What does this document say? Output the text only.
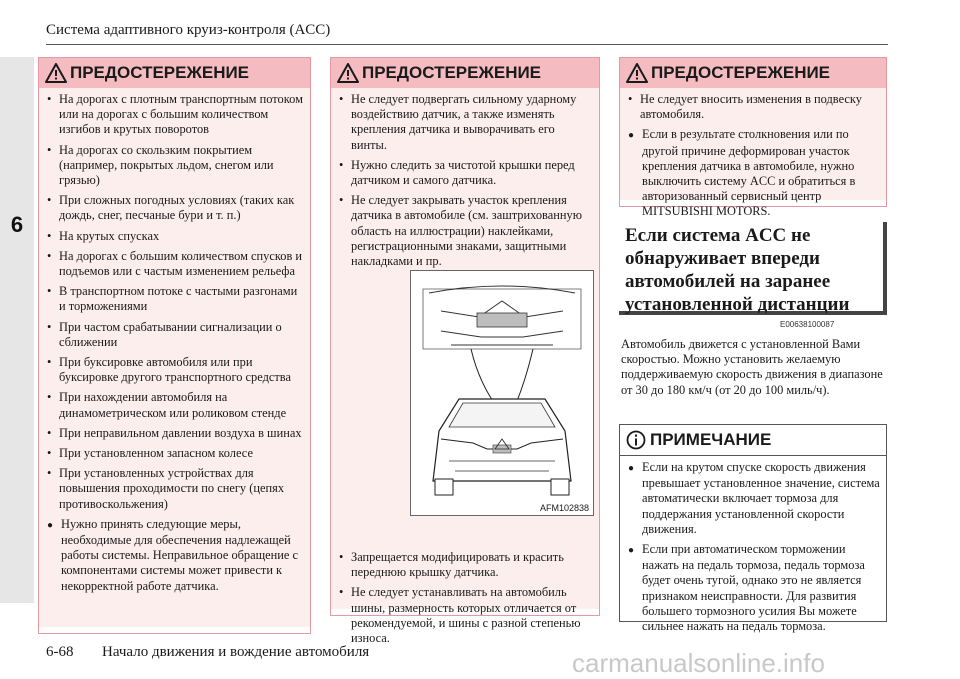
Система адаптивного круиз-контроля (ACC)
6
ПРЕДОСТЕРЕЖЕНИЕ
• На дорогах с плотным транспортным потоком или на дорогах с большим количеством изгибов и крутых поворотов
• На дорогах со скользким покрытием (например, покрытых льдом, снегом или грязью)
• При сложных погодных условиях (таких как дождь, снег, песчаные бури и т. п.)
• На крутых спусках
• На дорогах с большим количеством спусков и подъемов или с частым изменением рельефа
• В транспортном потоке с частыми разгонами и торможениями
• При частом срабатывании сигнализации о сближении
• При буксировке автомобиля или при буксировке другого транспортного средства
• При нахождении автомобиля на динамометрическом или роликовом стенде
• При неправильном давлении воздуха в шинах
• При установленном запасном колесе
• При установленных устройствах для повышения проходимости по снегу (цепях противоскольжения)
● Нужно принять следующие меры, необходимые для обеспечения надлежащей работы системы. Неправильное обращение с компонентами системы может привести к некорректной работе датчика.
ПРЕДОСТЕРЕЖЕНИЕ
• Не следует подвергать сильному ударному воздействию датчик, а также изменять крепления датчика и выворачивать его винты.
• Нужно следить за чистотой крышки перед датчиком и самого датчика.
• Не следует закрывать участок крепления датчика в автомобиле (см. заштрихованную область на иллюстрации) наклейками, регистрационными знаками, защитными накладками и пр.
• Запрещается модифицировать и красить переднюю крышку датчика.
• Не следует устанавливать на автомобиль шины, размерность которых отличается от рекомендуемой, и шины с разной степенью износа.
AFM102838
ПРЕДОСТЕРЕЖЕНИЕ
• Не следует вносить изменения в подвеску автомобиля.
● Если в результате столкновения или по другой причине деформирован участок крепления датчика в автомобиле, нужно выключить систему ACC и обратиться в авторизованный сервисный центр MITSUBISHI MOTORS.
Если система ACC не обнаруживает впереди автомобилей на заранее установленной дистанции
E00638100087
Автомобиль движется с установленной Вами скоростью. Можно установить желаемую поддерживаемую скорость движения в диапазоне от 30 до 180 км/ч (от 20 до 100 миль/ч).
ПРИМЕЧАНИЕ
● Если на крутом спуске скорость движения превышает установленное значение, система автоматически включает тормоза для поддержания установленной скорости движения.
● Если при автоматическом торможении нажать на педаль тормоза, педаль тормоза будет очень тугой, однако это не является признаком неисправности. Для развития большего тормозного усилия Вы можете сильнее нажать на педаль тормоза.
6-68 Начало движения и вождение автомобиля	carmanualsonline.info
